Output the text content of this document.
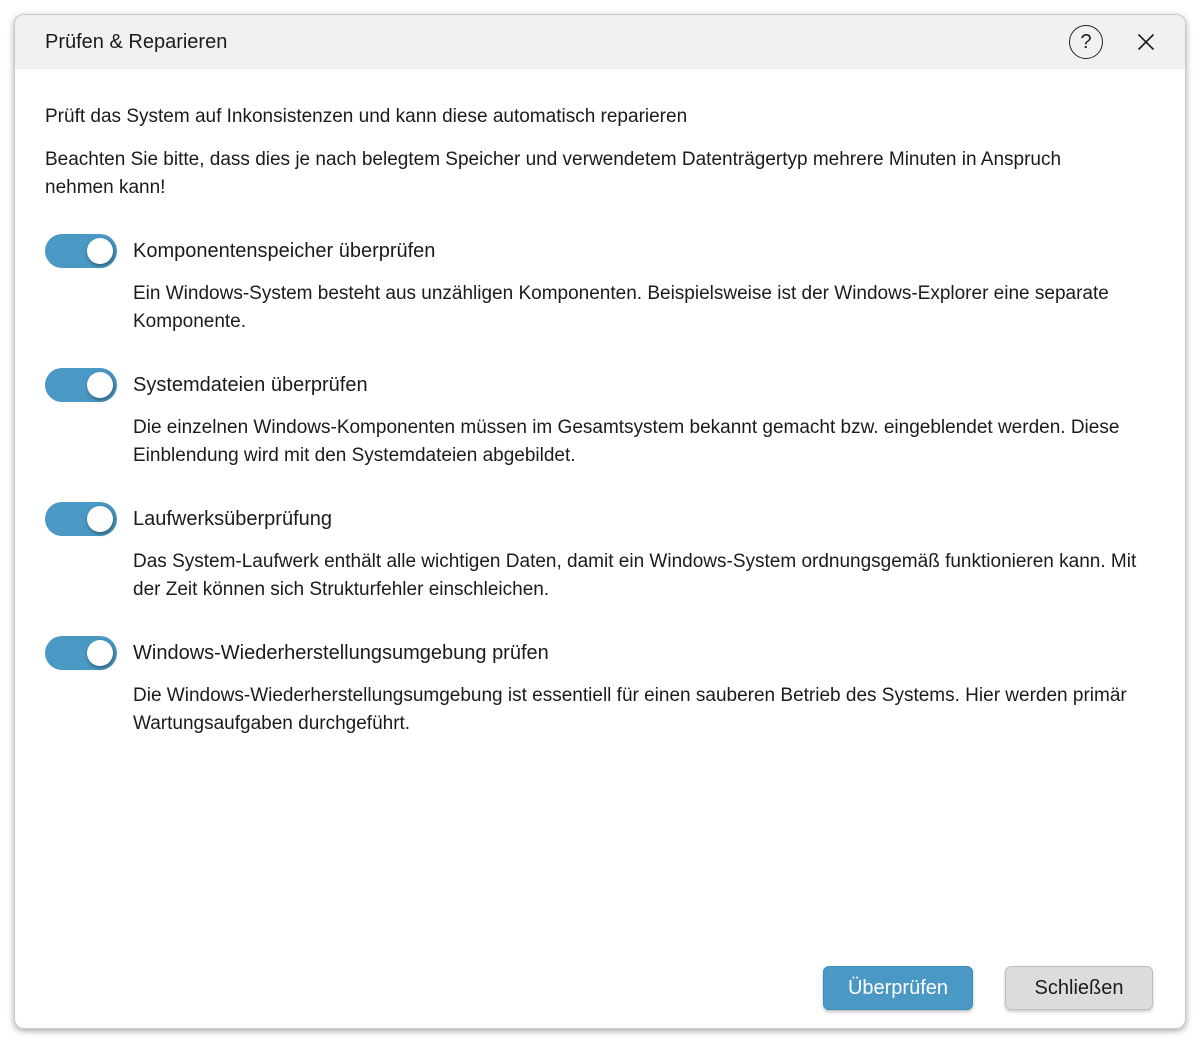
Prüfen & Reparieren	?

Prüft das System auf Inkonsistenzen und kann diese automatisch reparieren

Beachten Sie bitte, dass dies je nach belegtem Speicher und verwendetem Datenträgertyp mehrere Minuten in Anspruch nehmen kann!

Komponentenspeicher überprüfen

Ein Windows-System besteht aus unzähligen Komponenten. Beispielsweise ist der Windows-Explorer eine separate Komponente.

Systemdateien überprüfen

Die einzelnen Windows-Komponenten müssen im Gesamtsystem bekannt gemacht bzw. eingeblendet werden. Diese Einblendung wird mit den Systemdateien abgebildet.

Laufwerksüberprüfung

Das System-Laufwerk enthält alle wichtigen Daten, damit ein Windows-System ordnungsgemäß funktionieren kann. Mit der Zeit können sich Strukturfehler einschleichen.

Windows-Wiederherstellungsumgebung prüfen

Die Windows-Wiederherstellungsumgebung ist essentiell für einen sauberen Betrieb des Systems. Hier werden primär Wartungsaufgaben durchgeführt.

Überprüfen	Schließen
